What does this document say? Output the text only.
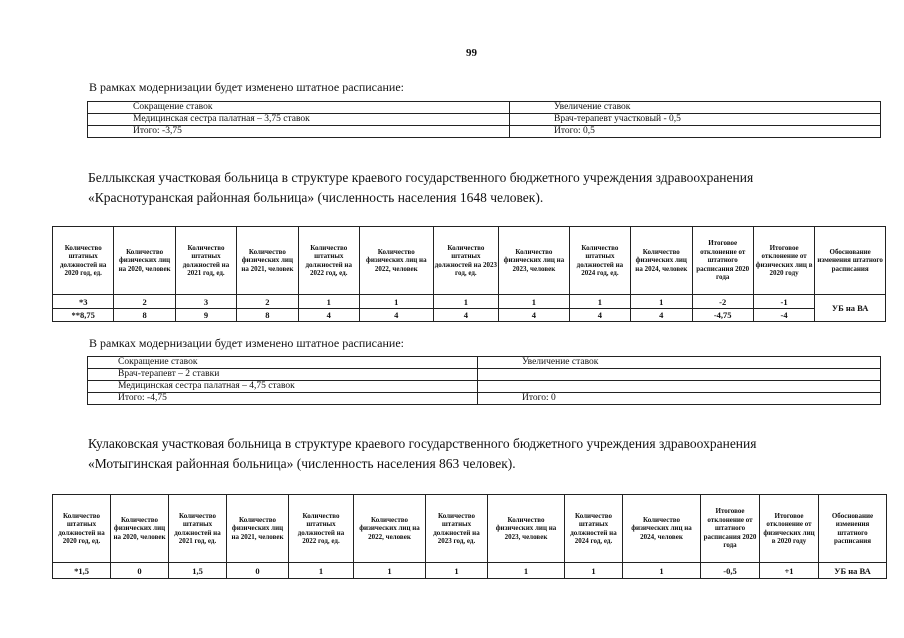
99
В рамках модернизации будет изменено штатное расписание:
Сокращение ставок	Увеличение ставок
Медицинская сестра палатная – 3,75 ставок	Врач-терапевт участковый - 0,5
Итого: -3,75	Итого: 0,5
Беллыкская участковая больница в структуре краевого государственного бюджетного учреждения здравоохранения
«Краснотуранская районная больница» (численность населения 1648 человек).
Количество штатных должностей на 2020 год, ед.	Количество физических лиц на 2020, человек	Количество штатных должностей на 2021 год, ед.	Количество физических лиц на 2021, человек	Количество штатных должностей на 2022 год, ед.	Количество физических лиц на 2022, человек	Количество штатных должностей на 2023 год, ед.	Количество физических лиц на 2023, человек	Количество штатных должностей на 2024 год, ед.	Количество физических лиц на 2024, человек	Итоговое отклонение от штатного расписания 2020 года	Итоговое отклонение от физических лиц в 2020 году	Обоснование изменения штатного расписания
*3	2	3	2	1	1	1	1	1	1	-2	-1	УБ на ВА
**8,75	8	9	8	4	4	4	4	4	4	-4,75	-4	
В рамках модернизации будет изменено штатное расписание:
Сокращение ставок	Увеличение ставок
Врач-терапевт – 2 ставки	
Медицинская сестра палатная – 4,75 ставок	
Итого: -4,75	Итого: 0
Кулаковская участковая больница в структуре краевого государственного бюджетного учреждения здравоохранения
«Мотыгинская районная больница» (численность населения 863 человек).
Количество штатных должностей на 2020 год, ед.	Количество физических лиц на 2020, человек	Количество штатных должностей на 2021 год, ед.	Количество физических лиц на 2021, человек	Количество штатных должностей на 2022 год, ед.	Количество физических лиц на 2022, человек	Количество штатных должностей на 2023 год, ед.	Количество физических лиц на 2023, человек	Количество штатных должностей на 2024 год, ед.	Количество физических лиц на 2024, человек	Итоговое отклонение от штатного расписания 2020 года	Итоговое отклонение от физических лиц в 2020 году	Обоснование изменения штатного расписания
*1,5	0	1,5	0	1	1	1	1	1	1	-0,5	+1	УБ на ВА
